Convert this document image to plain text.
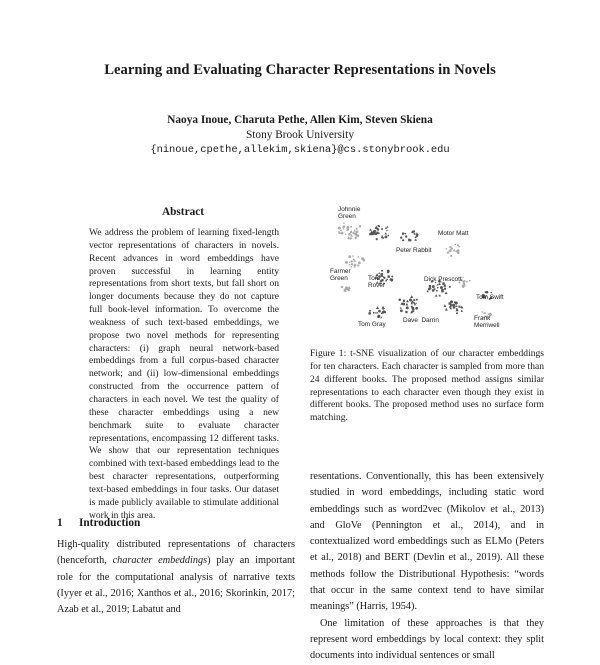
Learning and Evaluating Character Representations in Novels
Naoya Inoue, Charuta Pethe, Allen Kim, Steven Skiena
Stony Brook University
{ninoue,cpethe,allekim,skiena}@cs.stonybrook.edu
Abstract
We address the problem of learning fixed-length vector representations of characters in novels. Recent advances in word embeddings have proven successful in learning entity representations from short texts, but fall short on longer documents because they do not capture full book-level information. To overcome the weakness of such text-based embeddings, we propose two novel methods for representing characters: (i) graph neural network-based embeddings from a full corpus-based character network; and (ii) low-dimensional embeddings constructed from the occurrence pattern of characters in each novel. We test the quality of these character embeddings using a new benchmark suite to evaluate character representations, encompassing 12 different tasks. We show that our representation techniques combined with text-based embeddings lead to the best character representations, outperforming text-based embeddings in four tasks. Our dataset is made publicly available to stimulate additional work in this area.
1 Introduction
High-quality distributed representations of characters (henceforth, character embeddings) play an important role for the computational analysis of narrative texts (Iyyer et al., 2016; Xanthos et al., 2016; Skorinkin, 2017; Azab et al., 2019; Labatut and
Johnnie
Green
Motor Matt
Peter Rabbit
Farmer
Green	Tom
Rover
Dick Prescott
Tom Swift
Tom Gray
Dave  Darrin	Frank
Merriwell
Figure 1: t-SNE visualization of our character embeddings for ten characters. Each character is sampled from more than 24 different books. The proposed method assigns similar representations to each character even though they exist in different books. The proposed method uses no surface form matching.

resentations. Conventionally, this has been extensively studied in word embeddings, including static word embeddings such as word2vec (Mikolov et al., 2013) and GloVe (Pennington et al., 2014), and in contextualized word embeddings such as ELMo (Peters et al., 2018) and BERT (Devlin et al., 2019). All these methods follow the Distributional Hypothesis: “words that occur in the same context tend to have similar meanings” (Harris, 1954).

One limitation of these approaches is that they represent word embeddings by local context: they split documents into individual sentences or small
